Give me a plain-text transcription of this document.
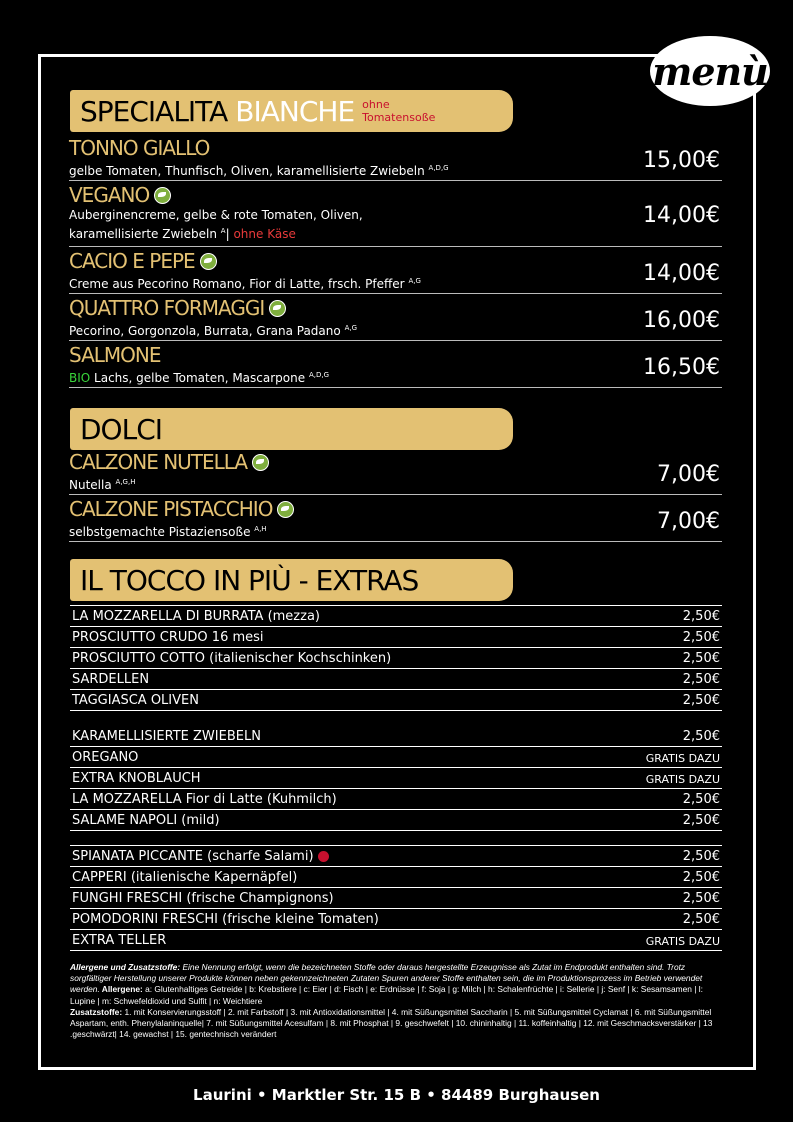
menù
SPECIALITA BIANCHE ohne Tomatensoße
TONNO GIALLO
gelbe Tomaten, Thunfisch, Oliven, karamellisierte Zwiebeln $^{A,D,G}$	15,00€
VEGANO
Auberginencreme, gelbe & rote Tomaten, Oliven,
karamellisierte Zwiebeln $^A$| ohne Käse
14,00€
CACIO E PEPE
Creme aus Pecorino Romano, Fior di Latte, frsch. Pfeffer $^{A,G}$	14,00€
QUATTRO FORMAGGI
Pecorino, Gorgonzola, Burrata, Grana Padano $^{A,G}$	16,00€
SALMONE
BIO Lachs, gelbe Tomaten, Mascarpone $^{A,D,G}$	16,50€
DOLCI
CALZONE NUTELLA
Nutella $^{A,G,H}$	7,00€
CALZONE PISTACCHIO
selbstgemachte Pistaziensoße $^{A,H}$	7,00€
IL TOCCO IN PIÙ - EXTRAS
LA MOZZARELLA DI BURRATA (mezza)	2,50€
PROSCIUTTO CRUDO 16 mesi	2,50€
PROSCIUTTO COTTO (italienischer Kochschinken)	2,50€
SARDELLEN	2,50€
TAGGIASCA OLIVEN	2,50€
KARAMELLISIERTE ZWIEBELN	2,50€
OREGANO	GRATIS DAZU
EXTRA KNOBLAUCH	GRATIS DAZU
LA MOZZARELLA Fior di Latte (Kuhmilch)	2,50€
SALAME NAPOLI (mild)	2,50€
SPIANATA PICCANTE (scharfe Salami)	2,50€
CAPPERI (italienische Kapernäpfel)	2,50€
FUNGHI FRESCHI (frische Champignons)	2,50€
POMODORINI FRESCHI (frische kleine Tomaten)	2,50€
EXTRA TELLER	GRATIS DAZU
Allergene und Zusatzstoffe: Eine Nennung erfolgt, wenn die bezeichneten Stoffe oder daraus hergestellte Erzeugnisse als Zutat im Endprodukt enthalten sind. Trotz sorgfältiger Herstellung unserer Produkte können neben gekennzeichneten Zutaten Spuren anderer Stoffe enthalten sein, die im Produktionsprozess im Betrieb verwendet werden. Allergene: a: Glutenhaltiges Getreide | b: Krebstiere | c: Eier | d: Fisch | e: Erdnüsse | f: Soja | g: Milch | h: Schalenfrüchte | i: Sellerie | j: Senf | k: Sesamsamen | l: Lupine | m: Schwefeldioxid und Sulfit | n: Weichtiere
Zusatzstoffe: 1. mit Konservierungsstoff | 2. mit Farbstoff | 3. mit Antioxidationsmittel | 4. mit Süßungsmittel Saccharin | 5. mit Süßungsmittel Cyclamat | 6. mit Süßungsmittel Aspartam, enth. Phenylalaninquelle| 7. mit Süßungsmittel Acesulfam | 8. mit Phosphat | 9. geschwefelt | 10. chininhaltig | 11. koffeinhaltig | 12. mit Geschmacksverstärker | 13 .geschwärzt| 14. gewachst | 15. gentechnisch verändert
Laurini • Marktler Str. 15 B • 84489 Burghausen
